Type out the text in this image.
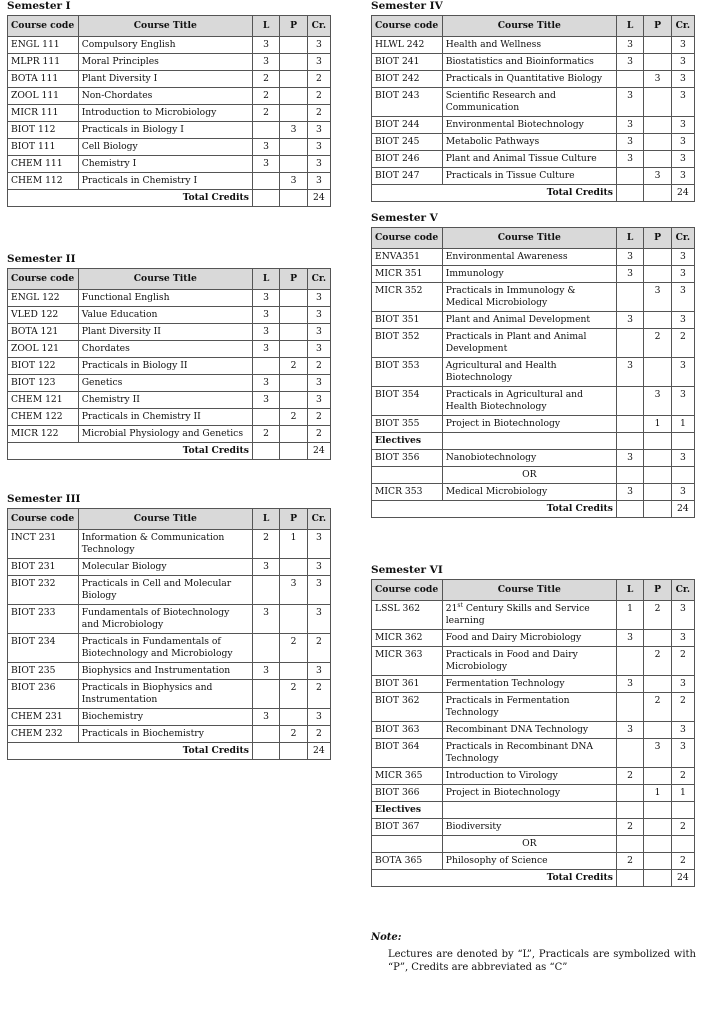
Semester I
Course code	Course Title	L	P	Cr.
ENGL 111	Compulsory English	3		3
MLPR 111	Moral Principles	3		3
BOTA 111	Plant Diversity I	2		2
ZOOL 111	Non-Chordates	2		2
MICR 111	Introduction to Microbiology	2		2
BIOT 112	Practicals in Biology I		3	3
BIOT 111	Cell Biology	3		3
CHEM 111	Chemistry I	3		3
CHEM 112	Practicals in Chemistry I		3	3
Total Credits				24
Semester II
Course code	Course Title	L	P	Cr.
ENGL 122	Functional English	3		3
VLED 122	Value Education	3		3
BOTA 121	Plant Diversity II	3		3
ZOOL 121	Chordates	3		3
BIOT 122	Practicals in Biology II		2	2
BIOT 123	Genetics	3		3
CHEM 121	Chemistry II	3		3
CHEM 122	Practicals in Chemistry II		2	2
MICR 122	Microbial Physiology and Genetics	2		2
Total Credits				24
Semester III
Course code	Course Title	L	P	Cr.
INCT 231	Information & Communication Technology	2	1	3
BIOT 231	Molecular Biology	3		3
BIOT 232	Practicals in Cell and Molecular Biology		3	3
BIOT 233	Fundamentals of Biotechnology and Microbiology	3		3
BIOT 234	Practicals in Fundamentals of Biotechnology and Microbiology		2	2
BIOT 235	Biophysics and Instrumentation	3		3
BIOT 236	Practicals in Biophysics and Instrumentation		2	2
CHEM 231	Biochemistry	3		3
CHEM 232	Practicals in Biochemistry		2	2
Total Credits				24
Semester IV
Course code	Course Title	L	P	Cr.
HLWL 242	Health and Wellness	3		3
BIOT 241	Biostatistics and Bioinformatics	3		3
BIOT 242	Practicals in Quantitative Biology		3	3
BIOT 243	Scientific Research and Communication	3		3
BIOT 244	Environmental Biotechnology	3		3
BIOT 245	Metabolic Pathways	3		3
BIOT 246	Plant and Animal Tissue Culture	3		3
BIOT 247	Practicals in Tissue Culture		3	3
Total Credits				24
Semester V
Course code	Course Title	L	P	Cr.
ENVA351	Environmental Awareness	3		3
MICR 351	Immunology	3		3
MICR 352	Practicals in Immunology & Medical Microbiology		3	3
BIOT 351	Plant and Animal Development	3		3
BIOT 352	Practicals in Plant and Animal Development		2	2
BIOT 353	Agricultural and Health Biotechnology	3		3
BIOT 354	Practicals in Agricultural and Health Biotechnology		3	3
BIOT 355	Project in Biotechnology		1	1
Electives				
BIOT 356	Nanobiotechnology	3		3
	OR			
MICR 353	Medical Microbiology	3		3
Total Credits				24
Semester VI
Course code	Course Title	L	P	Cr.
LSSL 362	21st Century Skills and Service learning	1	2	3
MICR 362	Food and Dairy Microbiology	3		3
MICR 363	Practicals in Food and Dairy Microbiology		2	2
BIOT 361	Fermentation Technology	3		3
BIOT 362	Practicals in Fermentation Technology		2	2
BIOT 363	Recombinant DNA Technology	3		3
BIOT 364	Practicals in Recombinant DNA Technology		3	3
MICR 365	Introduction to Virology	2		2
BIOT 366	Project in Biotechnology		1	1
Electives				
BIOT 367	Biodiversity	2		2
	OR			
BOTA 365	Philosophy of Science	2		2
Total Credits				24
Note:
Lectures are denoted by “L”, Practicals are symbolized with “P”, Credits are abbreviated as “C”
